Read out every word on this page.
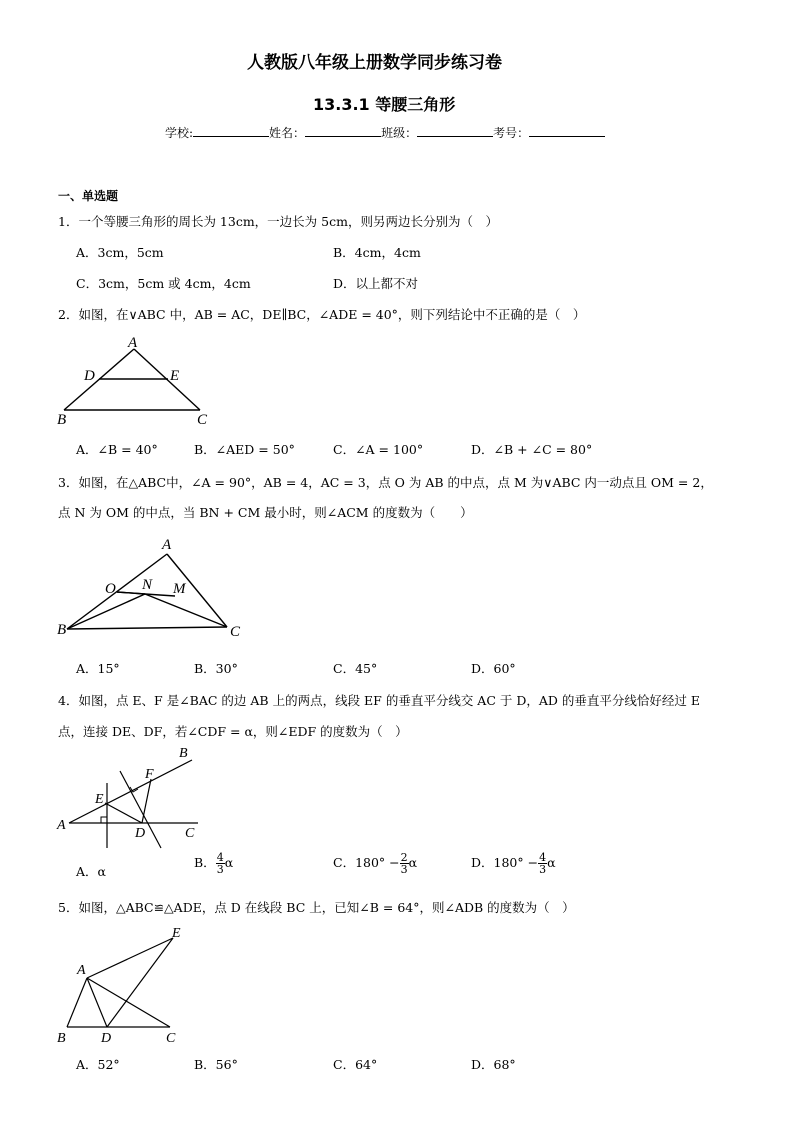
人教版八年级上册数学同步练习卷
13.3.1 等腰三角形
学校:	姓名：	班级：	考号：
一、单选题
1．一个等腰三角形的周长为 13cm，一边长为 5cm，则另两边长分别为（　）
A．3cm，5cm	B．4cm，4cm
C．3cm，5cm 或 4cm，4cm	D．以上都不对
2．如图，在∨ABC 中，AB = AC，DE∥BC，∠ADE = 40°，则下列结论中不正确的是（　）
A
D	E
B	C
A．∠B = 40°	B．∠AED = 50°	C．∠A = 100°	D．∠B + ∠C = 80°
3．如图，在△ABC中，∠A = 90°，AB = 4，AC = 3，点 O 为 AB 的中点，点 M 为∨ABC 内一动点且 OM = 2，
点 N 为 OM 的中点，当 BN + CM 最小时，则∠ACM 的度数为（　　）
A
O N M
B	C
A．15°	B．30°	C．45°	D．60°
4．如图，点 E、F 是∠BAC 的边 AB 上的两点，线段 EF 的垂直平分线交 AC 于 D，AD 的垂直平分线恰好经过 E
点，连接 DE、DF，若∠CDF = α，则∠EDF 的度数为（　）
B
F
E
A
D	C
A．α
B． $\frac{4}{3}$ α	C．$180^\circ - \frac{2}{3}$ α	D．$180^\circ - \frac{4}{3}$ α
5．如图，△ABC≌△ADE，点 D 在线段 BC 上，已知∠B = 64°，则∠ADB 的度数为（　）
E
A
B	D	C
A．52°	B．56°	C．64°	D．68°
